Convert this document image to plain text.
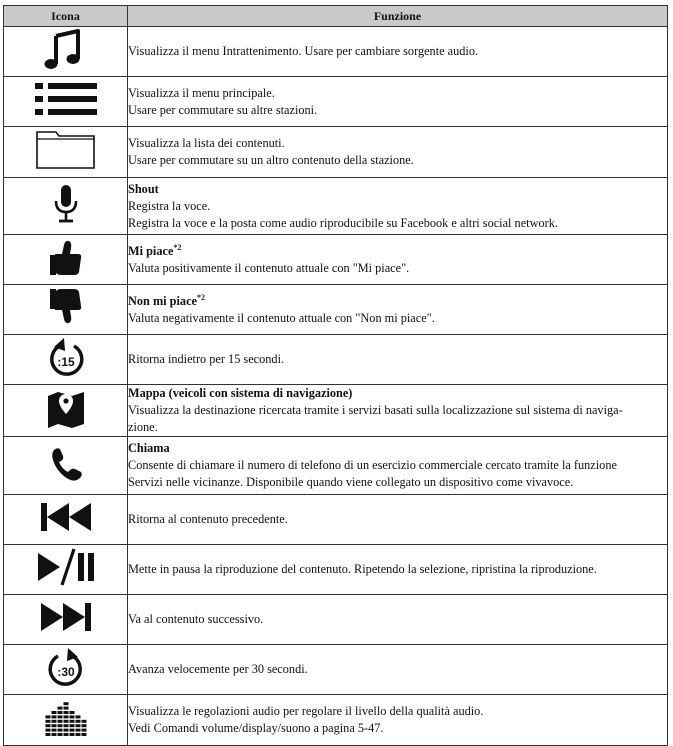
Icona	Funzione

Visualizza il menu Intrattenimento. Usare per cambiare sorgente audio.

Visualizza il menu principale.
Usare per commutare su altre stazioni.

Visualizza la lista dei contenuti.
Usare per commutare su un altro contenuto della stazione.

Shout
Registra la voce.
Registra la voce e la posta come audio riproducibile su Facebook e altri social network.

Mi piace$^{*2}$
Valuta positivamente il contenuto attuale con "Mi piace".

Non mi piace$^{*2}$
Valuta negativamente il contenuto attuale con "Non mi piace".

:15	Ritorna indietro per 15 secondi.

Mappa (veicoli con sistema di navigazione)
Visualizza la destinazione ricercata tramite i servizi basati sulla localizzazione sul sistema di naviga-
zione.

Chiama
Consente di chiamare il numero di telefono di un esercizio commerciale cercato tramite la funzione
Servizi nelle vicinanze. Disponibile quando viene collegato un dispositivo come vivavoce.

Ritorna al contenuto precedente.

Mette in pausa la riproduzione del contenuto. Ripetendo la selezione, ripristina la riproduzione.

Va al contenuto successivo.

:30	Avanza velocemente per 30 secondi.

Visualizza le regolazioni audio per regolare il livello della qualità audio.
Vedi Comandi volume/display/suono a pagina 5-47.
